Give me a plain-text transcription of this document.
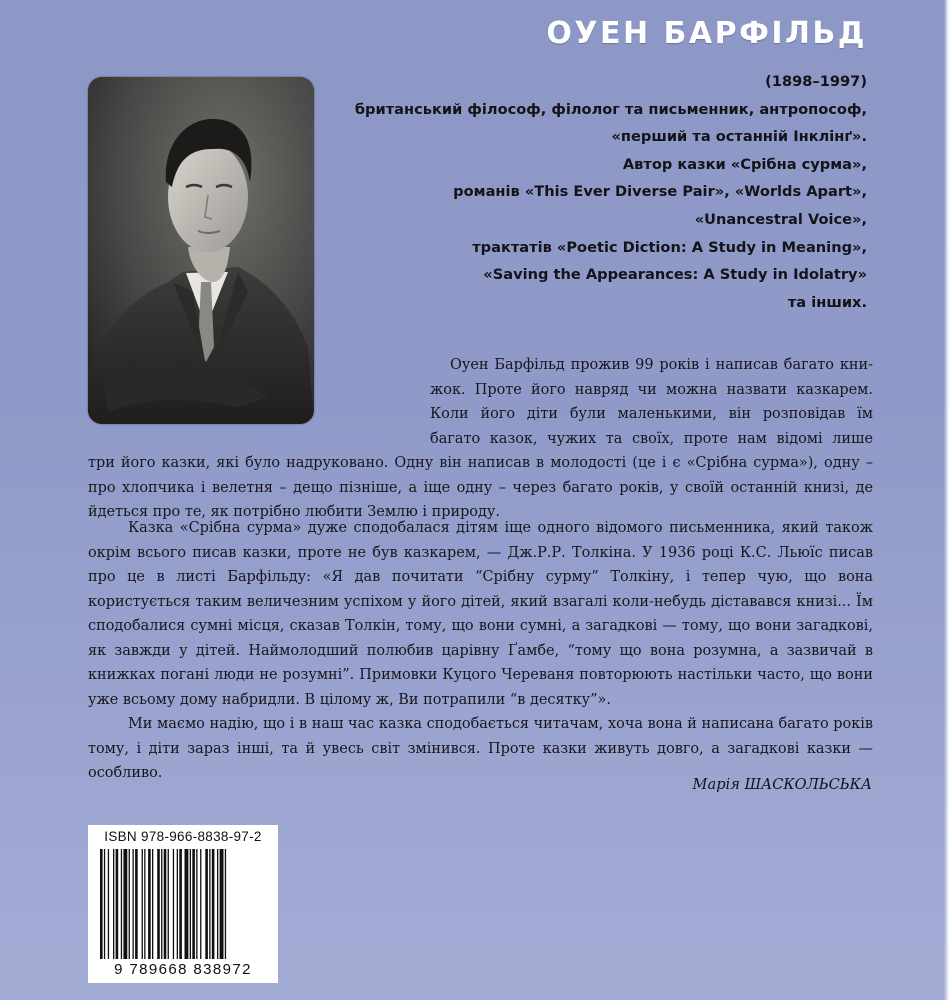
ОУЕН БАРФІЛЬД
(1898–1997)
британський філософ, філолог та письменник, антропософ,
«перший та останній Інклінґ».
Автор казки «Срібна сурма»,
романів «This Ever Diverse Pair», «Worlds Apart»,
«Unancestral Voice»,
трактатів «Poetic Diction: A Study in Meaning»,
«Saving the Appearances: A Study in Idolatry»
та інших.
Оуен Барфільд прожив 99 років і написав багато кни-
жок. Проте його навряд чи можна назвати казкарем.
Коли його діти були маленькими, він розповідав їм
багато казок, чужих та своїх, проте нам відомі лише

три його казки, які було надруковано. Одну він написав в молодості (це і є «Срібна сурма»), одну – про хлопчика і велетня – дещо пізніше, а іще одну – через багато років, у своїй останній книзі, де йдеться про те, як потрібно любити Землю і природу.

Казка «Срібна сурма» дуже сподобалася дітям іще одного відомого письменника, який також окрім всього писав казки, проте не був казкарем, — Дж.Р.Р. Толкіна. У 1936 році К.С. Льюїс писав про це в листі Барфільду: «Я дав почитати “Срібну сурму” Толкіну, і тепер чую, що вона користується таким величезним успіхом у його дітей, який взагалі коли-небудь діставався книзі... Їм сподобалися сумні місця, сказав Толкін, тому, що вони сумні, а загадкові — тому, що вони загадкові, як завжди у дітей. Наймолодший полюбив царівну Ґамбе, “тому що вона розумна, а зазвичай в книжках погані люди не розумні”. Примовки Куцого Череваня повторюють настільки часто, що вони уже всьому дому набридли. В цілому ж, Ви потрапили “в десятку”».

Ми маємо надію, що і в наш час казка сподобається читачам, хоча вона й написана багато років тому, і діти зараз інші, та й увесь світ змінився. Проте казки живуть довго, а загадкові казки — особливо.

Марія ШАСКОЛЬСЬКА
ISBN 978-966-8838-97-2
9 789668 838972
